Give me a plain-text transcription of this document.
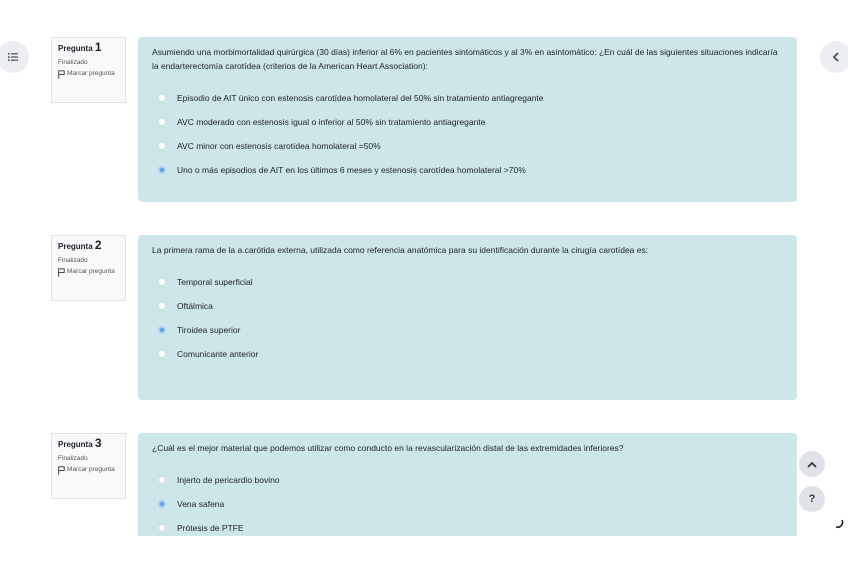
Pregunta 1
Finalizado
Marcar pregunta

Asumiendo una morbimortalidad quirúrgica (30 días) inferior al 6% en pacientes sintomáticos y al 3% en asintomático: ¿En cuál de las siguientes situaciones indicaría la endarterectomía carotídea (criterios de la American Heart Association):

Episodio de AIT único con estenosis carotídea homolateral del 50% sin tratamiento antiagregante
AVC moderado con estenosis igual o inferior al 50% sin tratamiento antiagregante
AVC minor con estenosis carotídea homolateral =50%
Uno o más episodios de AIT en los últimos 6 meses y estenosis carotídea homolateral >70%
Pregunta 2
Finalizado
Marcar pregunta

La primera rama de la a.carótida externa, utilizada como referencia anatómica para su identificación durante la cirugía carotídea es:

Temporal superficial
Oftálmica
Tiroidea superior
Comunicante anterior
Pregunta 3
Finalizado
Marcar pregunta

¿Cuál es el mejor material que podemos utilizar como conducto en la revascularización distal de las extremidades inferiores?

Injerto de pericardio bovino
Vena safena
Prótesis de PTFE
?
